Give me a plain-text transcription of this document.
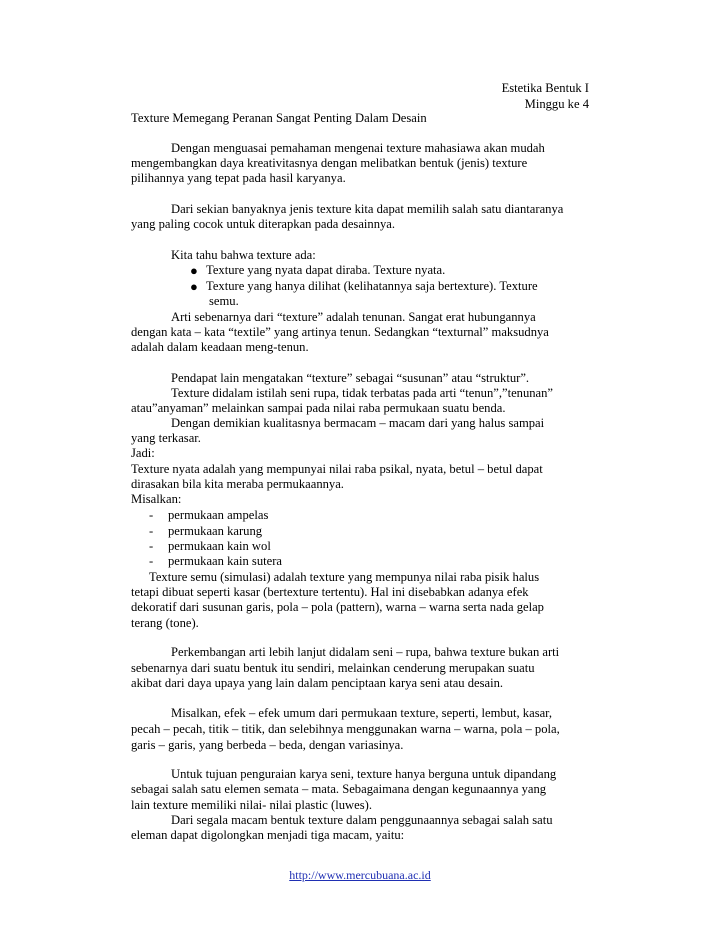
Estetika Bentuk I
Minggu ke 4
Texture Memegang Peranan Sangat Penting Dalam Desain
Dengan menguasai pemahaman mengenai texture mahasiawa akan mudah
mengembangkan daya kreativitasnya dengan melibatkan bentuk (jenis) texture
pilihannya yang tepat pada hasil karyanya.
Dari sekian banyaknya jenis texture kita dapat memilih salah satu diantaranya
yang paling cocok untuk diterapkan pada desainnya.
Kita tahu bahwa texture ada:
● Texture yang nyata dapat diraba. Texture nyata.
● Texture yang hanya dilihat (kelihatannya saja bertexture). Texture
semu.
Arti sebenarnya dari “texture” adalah tenunan. Sangat erat hubungannya
dengan kata – kata “textile” yang artinya tenun. Sedangkan “texturnal” maksudnya
adalah dalam keadaan meng-tenun.
Pendapat lain mengatakan “texture” sebagai “susunan” atau “struktur”.
Texture didalam istilah seni rupa, tidak terbatas pada arti “tenun”,”tenunan”
atau”anyaman” melainkan sampai pada nilai raba permukaan suatu benda.
Dengan demikian kualitasnya bermacam – macam dari yang halus sampai
yang terkasar.
Jadi:
Texture nyata adalah yang mempunyai nilai raba psikal, nyata, betul – betul dapat
dirasakan bila kita meraba permukaannya.
Misalkan:
- permukaan ampelas
- permukaan karung
- permukaan kain wol
- permukaan kain sutera
Texture semu (simulasi) adalah texture yang mempunya nilai raba pisik halus
tetapi dibuat seperti kasar (bertexture tertentu). Hal ini disebabkan adanya efek
dekoratif dari susunan garis, pola – pola (pattern), warna – warna serta nada gelap
terang (tone).
Perkembangan arti lebih lanjut didalam seni – rupa, bahwa texture bukan arti
sebenarnya dari suatu bentuk itu sendiri, melainkan cenderung merupakan suatu
akibat dari daya upaya yang lain dalam penciptaan karya seni atau desain.
Misalkan, efek – efek umum dari permukaan texture, seperti, lembut, kasar,
pecah – pecah, titik – titik, dan selebihnya menggunakan warna – warna, pola – pola,
garis – garis, yang berbeda – beda, dengan variasinya.
Untuk tujuan penguraian karya seni, texture hanya berguna untuk dipandang
sebagai salah satu elemen semata – mata. Sebagaimana dengan kegunaannya yang
lain texture memiliki nilai- nilai plastic (luwes).
Dari segala macam bentuk texture dalam penggunaannya sebagai salah satu
eleman dapat digolongkan menjadi tiga macam, yaitu:
http://www.mercubuana.ac.id
